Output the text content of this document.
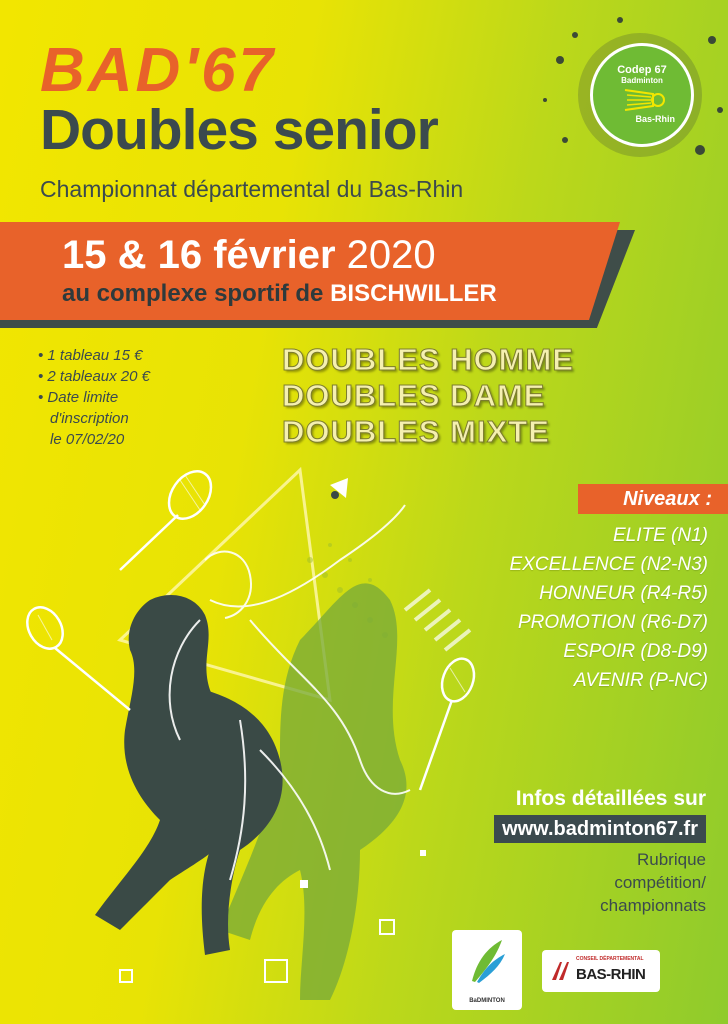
Codep 67
Badminton
Bas-Rhin
BAD'67
Doubles senior
Championnat départemental du Bas-Rhin
15 & 16 février 2020
au complexe sportif de BISCHWILLER
• 1 tableau 15 €
• 2 tableaux 20 €
• Date limite
d'inscription
le 07/02/20
DOUBLES HOMME
DOUBLES DAME
DOUBLES MIXTE
Niveaux :
ELITE (N1)
EXCELLENCE (N2-N3)
HONNEUR (R4-R5)
PROMOTION (R6-D7)
ESPOIR (D8-D9)
AVENIR (P-NC)
Infos détaillées sur
www.badminton67.fr
Rubrique
compétition/
championnats
BaDMINTON
CONSEIL DÉPARTEMENTAL
BAS-RHIN
